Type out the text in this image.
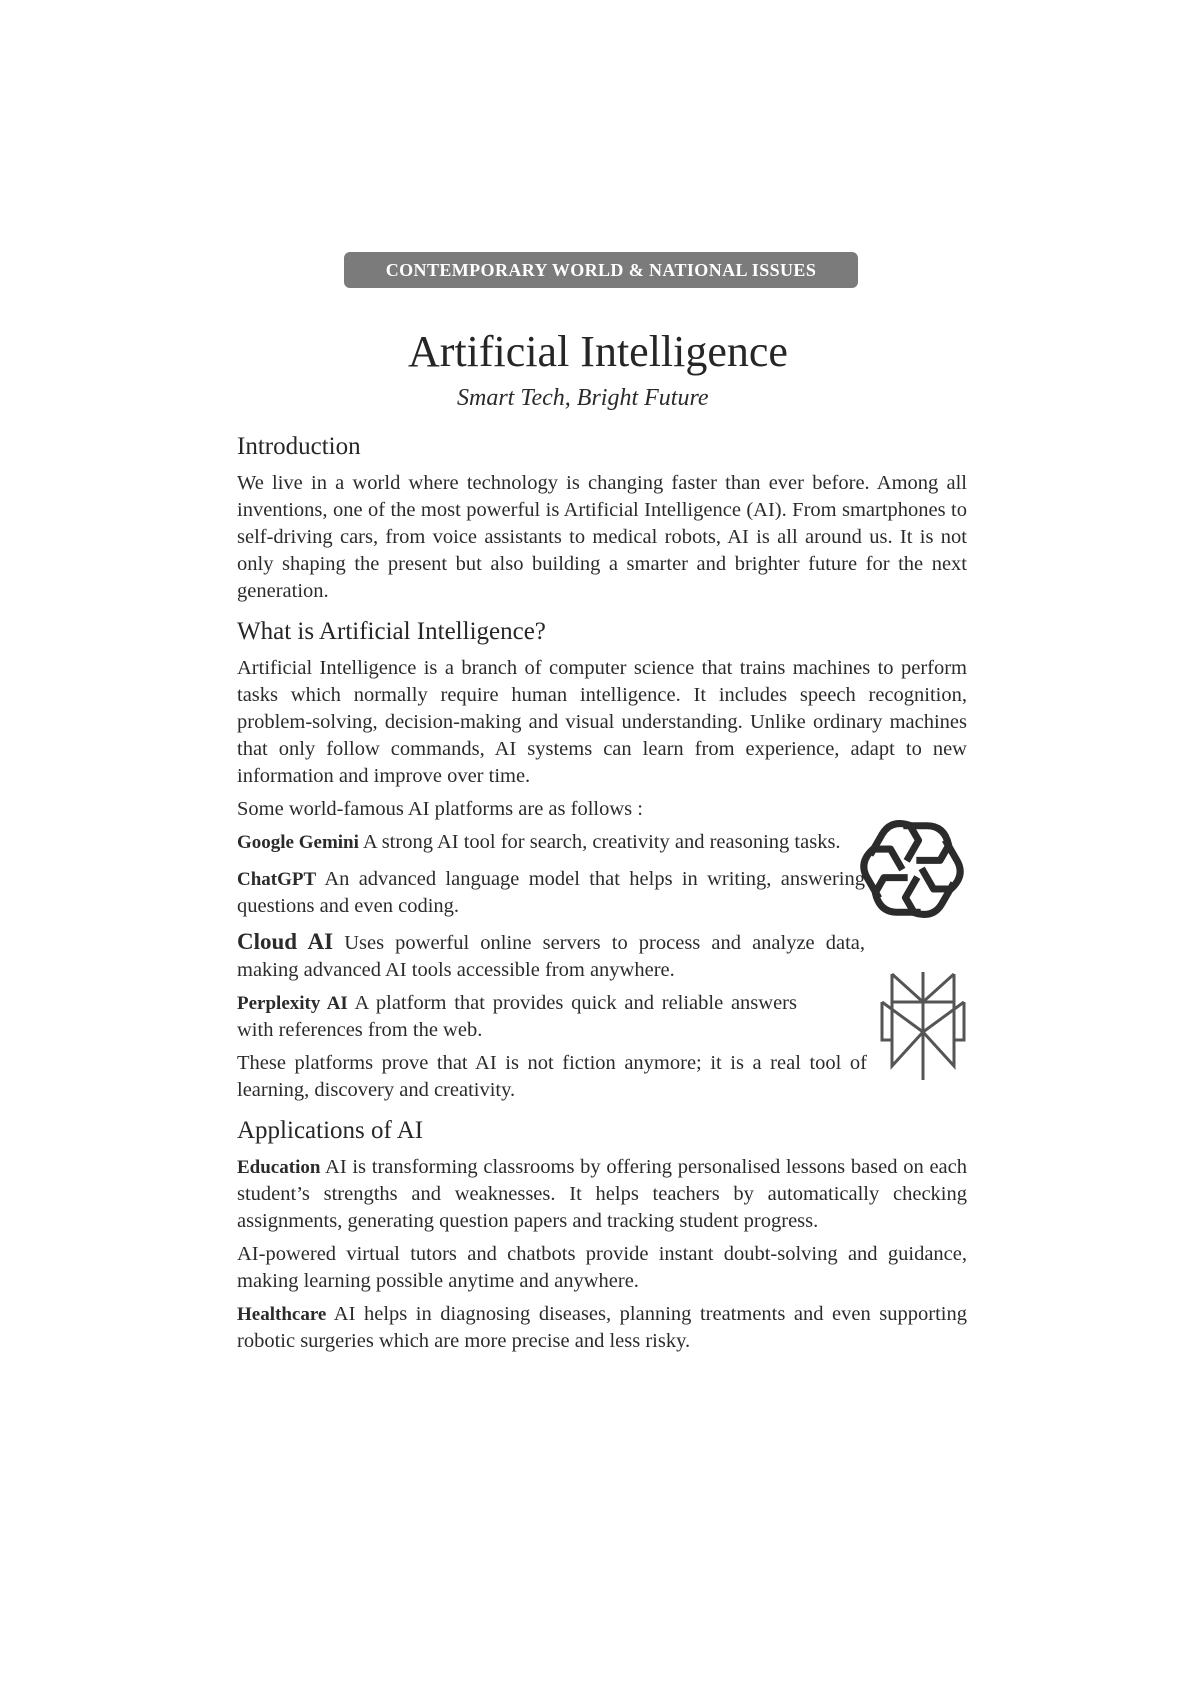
CONTEMPORARY WORLD & NATIONAL ISSUES
Artificial Intelligence
Smart Tech, Bright Future
Introduction

We live in a world where technology is changing faster than ever before. Among all inventions, one of the most powerful is Artificial Intelligence (AI). From smartphones to self-driving cars, from voice assistants to medical robots, AI is all around us. It is not only shaping the present but also building a smarter and brighter future for the next generation.

What is Artificial Intelligence?

Artificial Intelligence is a branch of computer science that trains machines to perform tasks which normally require human intelligence. It includes speech recognition, problem-solving, decision-making and visual understanding. Unlike ordinary machines that only follow commands, AI systems can learn from experience, adapt to new information and improve over time.

Some world-famous AI platforms are as follows :

Google Gemini A strong AI tool for search, creativity and reasoning tasks.

ChatGPT An advanced language model that helps in writing, answering questions and even coding.

Cloud AI Uses powerful online servers to process and analyze data, making advanced AI tools accessible from anywhere.

Perplexity AI A platform that provides quick and reliable answers with references from the web.

These platforms prove that AI is not fiction anymore; it is a real tool of learning, discovery and creativity.

Applications of AI

Education AI is transforming classrooms by offering personalised lessons based on each student’s strengths and weaknesses. It helps teachers by automatically checking assignments, generating question papers and tracking student progress.

AI-powered virtual tutors and chatbots provide instant doubt-solving and guidance, making learning possible anytime and anywhere.

Healthcare AI helps in diagnosing diseases, planning treatments and even supporting robotic surgeries which are more precise and less risky.
